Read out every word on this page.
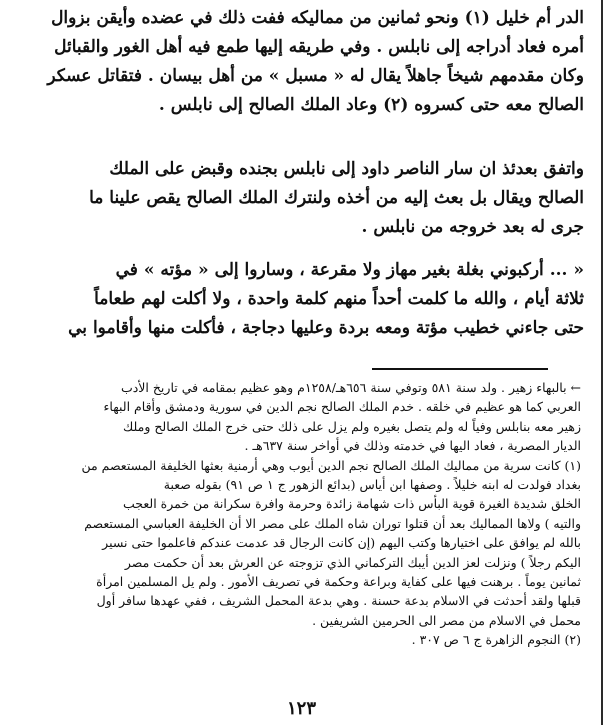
الدر أم خليل (١) ونحو ثمانين من مماليكه ففت ذلك في عضده وأيقن بزوال
أمره فعاد أدراجه إلى نابلس . وفي طريقه إليها طمع فيه أهل الغور والقبائل
وكان مقدمهم شيخاً جاهلاً يقال له « مسبل » من أهل بيسان . فتقاتل عسكر
الصالح معه حتى كسروه (٢) وعاد الملك الصالح إلى نابلس .
واتفق بعدئذ ان سار الناصر داود إلى نابلس بجنده وقبض على الملك
الصالح ويقال بل بعث إليه من أخذه ولنترك الملك الصالح يقص علينا ما
جرى له بعد خروجه من نابلس .
« ... أركبوني بغلة بغير مهاز ولا مقرعة ، وساروا إلى « مؤته » في
ثلاثة أيام ، والله ما كلمت أحداً منهم كلمة واحدة ، ولا أكلت لهم طعاماً
حتى جاءني خطيب مؤتة ومعه بردة وعليها دجاجة ، فأكلت منها وأقاموا بي
← بالبهاء زهير . ولد سنة ٥٨١ وتوفي سنة ٦٥٦هـ/١٢٥٨م وهو عظيم بمقامه في تاريخ الأدب
العربي كما هو عظيم في خلقه . خدم الملك الصالح نجم الدين في سورية ودمشق وأقام البهاء
زهير معه بنابلس وفياً له ولم يتصل بغيره ولم يزل على ذلك حتى خرج الملك الصالح وملك
الديار المصرية ، فعاد اليها في خدمته وذلك في أواخر سنة ٦٣٧هـ .
(١) كانت سرية من مماليك الملك الصالح نجم الدين أيوب وهي أرمنية بعثها الخليفة المستعصم من
بغداد فولدت له ابنه خليلاً . وصفها ابن أياس (بدائع الزهور ج ١ ص ٩١) بقوله صعبة
الخلق شديدة الغيرة قوية البأس ذات شهامة زائدة وحرمة وافرة سكرانة من خمرة العجب
والتيه ) ولاها المماليك بعد أن قتلوا توران شاه الملك على مصر الا أن الخليفة العباسي المستعصم
بالله لم يوافق على اختيارها وكتب اليهم (إن كانت الرجال قد عدمت عندكم فاعلموا حتى نسير
اليكم رجلاً ) ونزلت لعز الدين أيبك التركماني الذي تزوجته عن العرش بعد أن حكمت مصر
ثمانين يوماً . برهنت فيها على كفاية وبراعة وحكمة في تصريف الأمور . ولم يل المسلمين امرأة
قبلها ولقد أحدثت في الاسلام بدعة حسنة . وهي بدعة المحمل الشريف ، ففي عهدها سافر أول
محمل في الاسلام من مصر الى الحرمين الشريفين .
(٢) النجوم الزاهرة ج ٦ ص ٣٠٧ .
١٢٣
